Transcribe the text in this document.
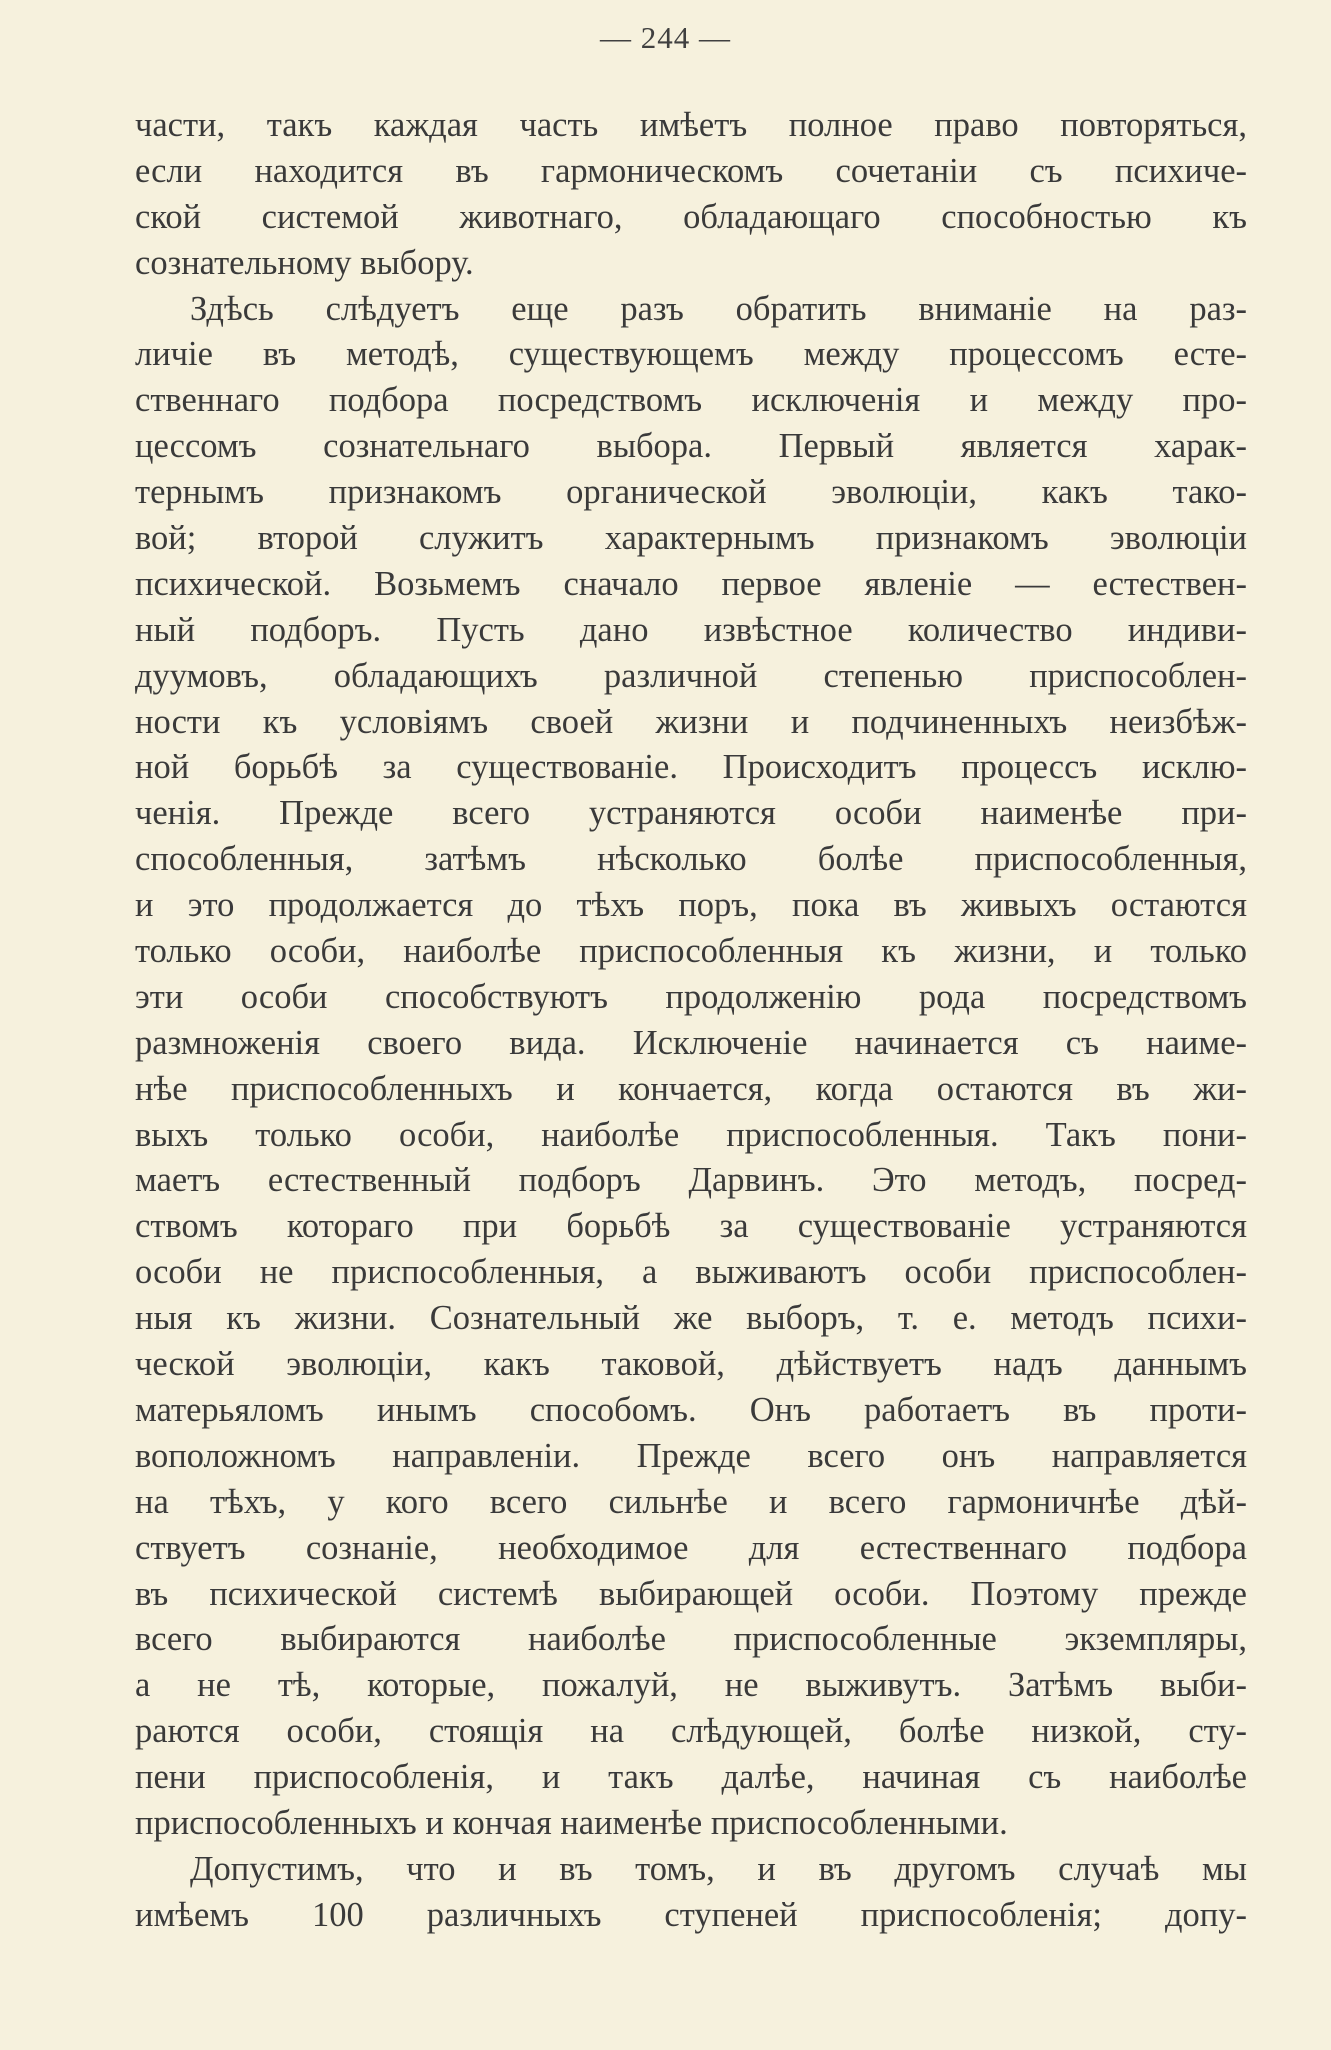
— 244 —
части, такъ каждая часть имѣетъ полное право повторяться,
если находится въ гармоническомъ сочетаніи съ психиче-
ской системой животнаго, обладающаго способностью къ
сознательному выбору.
Здѣсь слѣдуетъ еще разъ обратить вниманіе на раз-
личіе въ методѣ, существующемъ между процессомъ есте-
ственнаго подбора посредствомъ исключенія и между про-
цессомъ сознательнаго выбора. Первый является харак-
тернымъ признакомъ органической эволюціи, какъ тако-
вой; второй служитъ характернымъ признакомъ эволюціи
психической. Возьмемъ сначало первое явленіе — естествен-
ный подборъ. Пусть дано извѣстное количество индиви-
дуумовъ, обладающихъ различной степенью приспособлен-
ности къ условіямъ своей жизни и подчиненныхъ неизбѣж-
ной борьбѣ за существованіе. Происходитъ процессъ исклю-
ченія. Прежде всего устраняются особи наименѣе при-
способленныя, затѣмъ нѣсколько болѣе приспособленныя,
и это продолжается до тѣхъ поръ, пока въ живыхъ остаются
только особи, наиболѣе приспособленныя къ жизни, и только
эти особи способствуютъ продолженію рода посредствомъ
размноженія своего вида. Исключеніе начинается съ наиме-
нѣе приспособленныхъ и кончается, когда остаются въ жи-
выхъ только особи, наиболѣе приспособленныя. Такъ пони-
маетъ естественный подборъ Дарвинъ. Это методъ, посред-
ствомъ котораго при борьбѣ за существованіе устраняются
особи не приспособленныя, а выживаютъ особи приспособлен-
ныя къ жизни. Сознательный же выборъ, т. е. методъ психи-
ческой эволюціи, какъ таковой, дѣйствуетъ надъ даннымъ
матерьяломъ инымъ способомъ. Онъ работаетъ въ проти-
воположномъ направленіи. Прежде всего онъ направляется
на тѣхъ, у кого всего сильнѣе и всего гармоничнѣе дѣй-
ствуетъ сознаніе, необходимое для естественнаго подбора
въ психической системѣ выбирающей особи. Поэтому прежде
всего выбираются наиболѣе приспособленные экземпляры,
а не тѣ, которые, пожалуй, не выживутъ. Затѣмъ выби-
раются особи, стоящія на слѣдующей, болѣе низкой, сту-
пени приспособленія, и такъ далѣе, начиная съ наиболѣе
приспособленныхъ и кончая наименѣе приспособленными.
Допустимъ, что и въ томъ, и въ другомъ случаѣ мы
имѣемъ 100 различныхъ ступеней приспособленія; допу-
